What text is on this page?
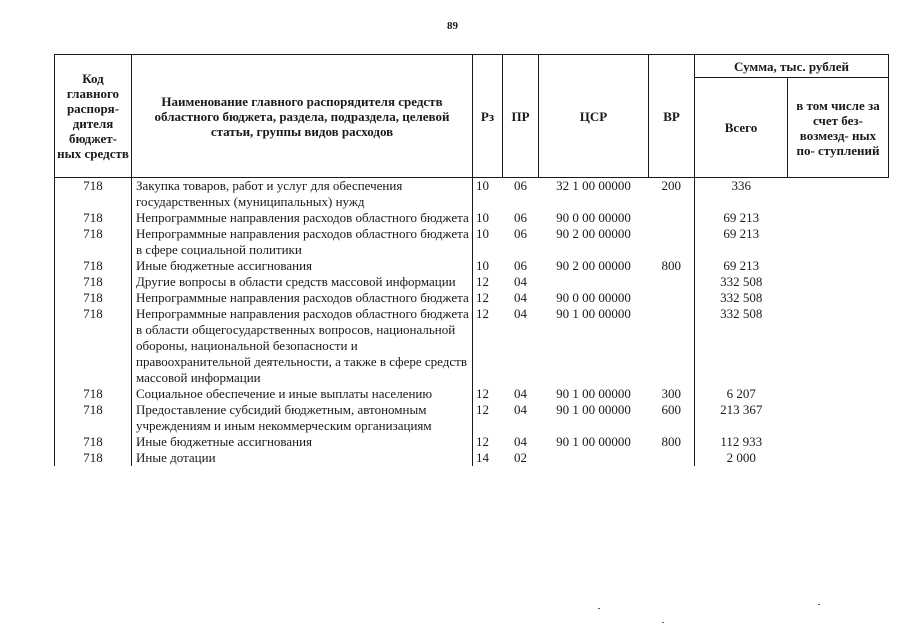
89
Код главного распоря- дителя бюджет- ных средств	Наименование главного распорядителя средств областного бюджета, раздела, подраздела, целевой статьи, группы видов расходов	Рз	ПР	ЦСР	ВР	Сумма, тыс. рублей	
						Всего	в том числе за счет без- возмезд- ных по- ступлений
718	Закупка товаров, работ и услуг для обеспечения государственных (муниципальных) нужд	10	06	32 1 00 00000	200	336	
718	Непрограммные направления расходов областного бюджета	10	06	90 0 00 00000		69 213	
718	Непрограммные направления расходов областного бюджета в сфере социальной политики	10	06	90 2 00 00000		69 213	
718	Иные бюджетные ассигнования	10	06	90 2 00 00000	800	69 213	
718	Другие вопросы в области средств массовой информации	12	04			332 508	
718	Непрограммные направления расходов областного бюджета	12	04	90 0 00 00000		332 508	
718	Непрограммные направления расходов областного бюджета в области общегосударственных вопросов, национальной обороны, национальной безопасности и правоохранительной деятельности, а также в сфере средств массовой информации	12	04	90 1 00 00000		332 508	
718	Социальное обеспечение и иные выплаты населению	12	04	90 1 00 00000	300	6 207	
718	Предоставление субсидий бюджетным, автономным учреждениям и иным некоммерческим организациям	12	04	90 1 00 00000	600	213 367	
718	Иные бюджетные ассигнования	12	04	90 1 00 00000	800	112 933	
718	Иные дотации	14	02			2 000	
